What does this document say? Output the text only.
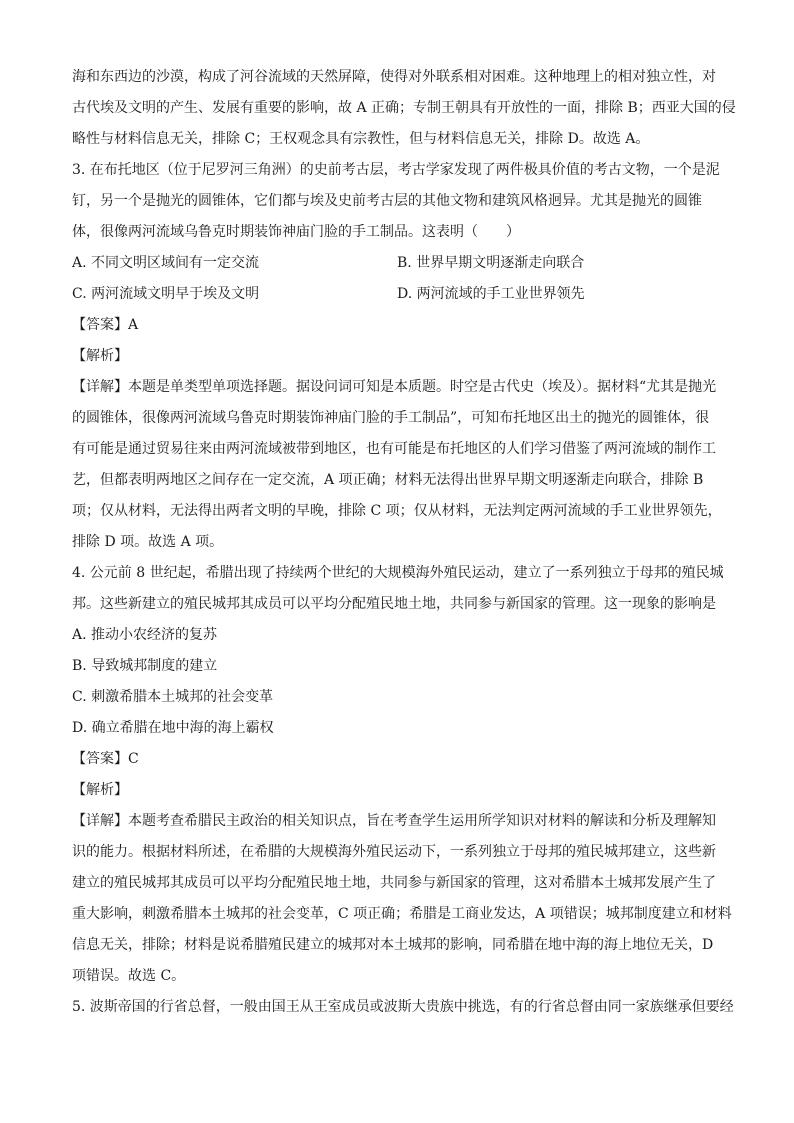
海和东西边的沙漠，构成了河谷流域的天然屏障，使得对外联系相对困难。这种地理上的相对独立性，对

古代埃及文明的产生、发展有重要的影响，故 A 正确；专制王朝具有开放性的一面，排除 B；西亚大国的侵

略性与材料信息无关，排除 C；王权观念具有宗教性，但与材料信息无关，排除 D。故选 A。

3. 在布托地区（位于尼罗河三角洲）的史前考古层，考古学家发现了两件极具价值的考古文物，一个是泥

钉，另一个是抛光的圆锥体，它们都与埃及史前考古层的其他文物和建筑风格迥异。尤其是抛光的圆锥

体，很像两河流域乌鲁克时期装饰神庙门脸的手工制品。这表明（　　）

A. 不同文明区域间有一定交流	B. 世界早期文明逐渐走向联合
C. 两河流域文明早于埃及文明	D. 两河流域的手工业世界领先

【答案】A

【解析】

【详解】本题是单类型单项选择题。据设问词可知是本质题。时空是古代史（埃及）。据材料“尤其是抛光

的圆锥体，很像两河流域乌鲁克时期装饰神庙门脸的手工制品”，可知布托地区出土的抛光的圆锥体，很

有可能是通过贸易往来由两河流域被带到地区，也有可能是布托地区的人们学习借鉴了两河流域的制作工

艺，但都表明两地区之间存在一定交流，A 项正确；材料无法得出世界早期文明逐渐走向联合，排除 B

项；仅从材料，无法得出两者文明的早晚，排除 C 项；仅从材料，无法判定两河流域的手工业世界领先，

排除 D 项。故选 A 项。

4. 公元前 8 世纪起，希腊出现了持续两个世纪的大规模海外殖民运动，建立了一系列独立于母邦的殖民城

邦。这些新建立的殖民城邦其成员可以平均分配殖民地土地，共同参与新国家的管理。这一现象的影响是

A. 推动小农经济的复苏

B. 导致城邦制度的建立

C. 刺激希腊本土城邦的社会变革

D. 确立希腊在地中海的海上霸权

【答案】C

【解析】

【详解】本题考查希腊民主政治的相关知识点，旨在考查学生运用所学知识对材料的解读和分析及理解知

识的能力。根据材料所述，在希腊的大规模海外殖民运动下，一系列独立于母邦的殖民城邦建立，这些新

建立的殖民城邦其成员可以平均分配殖民地土地，共同参与新国家的管理，这对希腊本土城邦发展产生了

重大影响，刺激希腊本土城邦的社会变革，C 项正确；希腊是工商业发达，A 项错误；城邦制度建立和材料

信息无关，排除；材料是说希腊殖民建立的城邦对本土城邦的影响，同希腊在地中海的海上地位无关，D

项错误。故选 C。

5. 波斯帝国的行省总督，一般由国王从王室成员或波斯大贵族中挑选，有的行省总督由同一家族继承但要经
